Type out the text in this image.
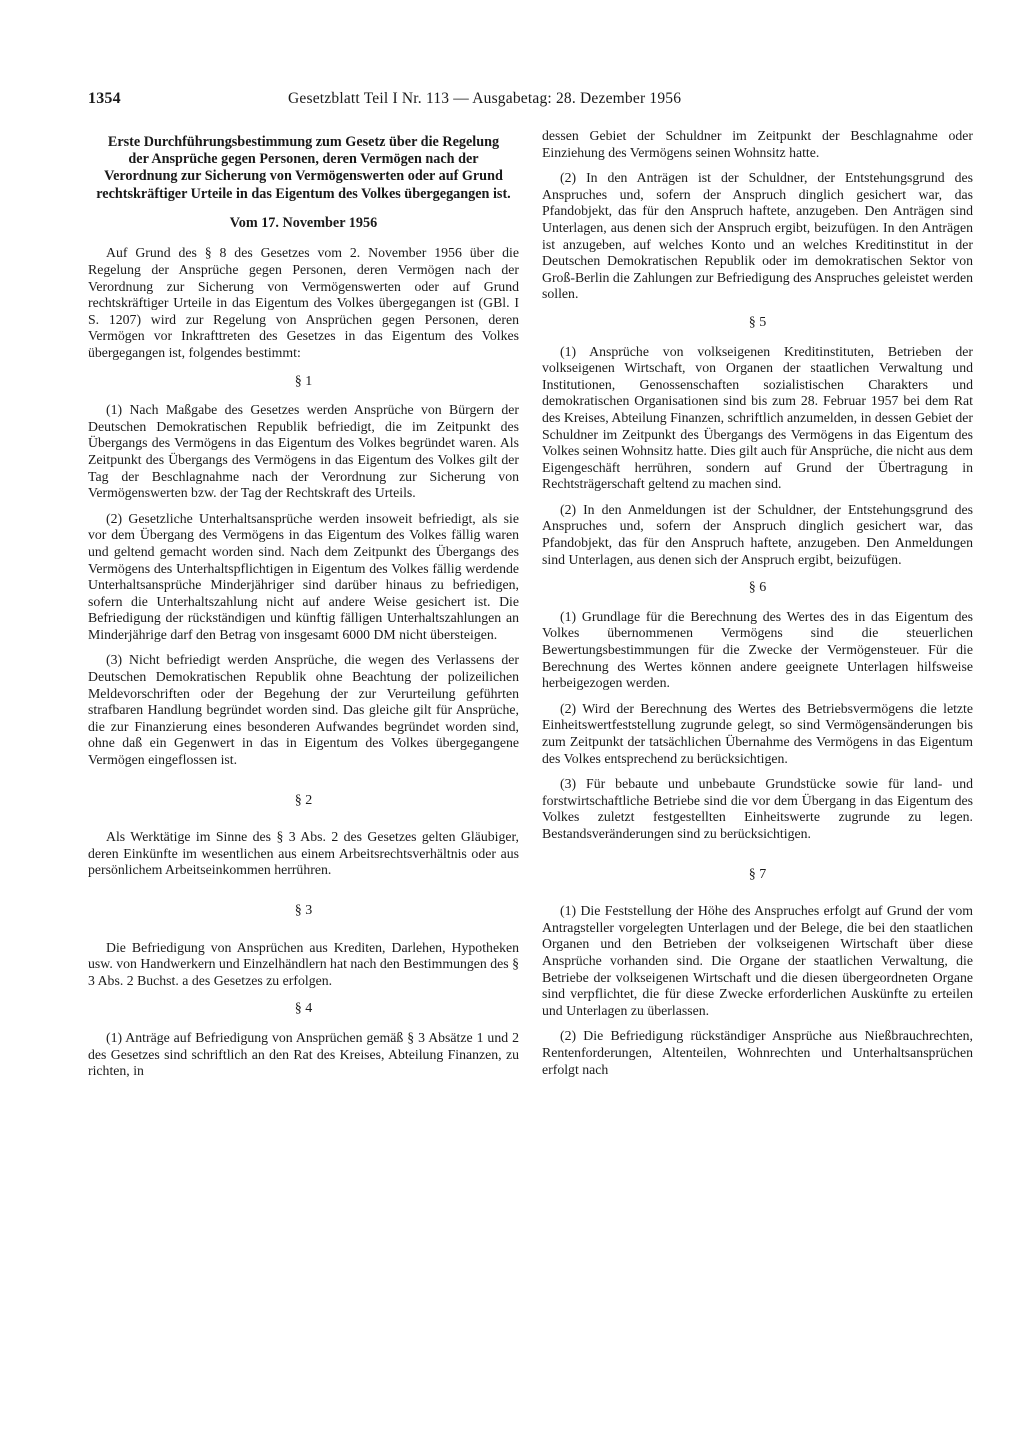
1354	Gesetzblatt Teil I Nr. 113 — Ausgabetag: 28. Dezember 1956
Erste Durchführungsbestimmung zum Gesetz über die Regelung der Ansprüche gegen Personen, deren Vermögen nach der Verordnung zur Sicherung von Vermögenswerten oder auf Grund rechtskräftiger Urteile in das Eigentum des Volkes übergegangen ist.
Vom 17. November 1956

Auf Grund des § 8 des Gesetzes vom 2. November 1956 über die Regelung der Ansprüche gegen Personen, deren Vermögen nach der Verordnung zur Sicherung von Vermögenswerten oder auf Grund rechtskräftiger Urteile in das Eigentum des Volkes übergegangen ist (GBl. I S. 1207) wird zur Regelung von Ansprüchen gegen Personen, deren Vermögen vor Inkrafttreten des Gesetzes in das Eigentum des Volkes übergegangen ist, folgendes bestimmt:

§ 1

(1) Nach Maßgabe des Gesetzes werden Ansprüche von Bürgern der Deutschen Demokratischen Republik befriedigt, die im Zeitpunkt des Übergangs des Vermögens in das Eigentum des Volkes begründet waren. Als Zeitpunkt des Übergangs des Vermögens in das Eigentum des Volkes gilt der Tag der Beschlagnahme nach der Verordnung zur Sicherung von Vermögenswerten bzw. der Tag der Rechtskraft des Urteils.

(2) Gesetzliche Unterhaltsansprüche werden insoweit befriedigt, als sie vor dem Übergang des Vermögens in das Eigentum des Volkes fällig waren und geltend gemacht worden sind. Nach dem Zeitpunkt des Übergangs des Vermögens des Unterhaltspflichtigen in Eigentum des Volkes fällig werdende Unterhaltsansprüche Minderjähriger sind darüber hinaus zu befriedigen, sofern die Unterhaltszahlung nicht auf andere Weise gesichert ist. Die Befriedigung der rückständigen und künftig fälligen Unterhaltszahlungen an Minderjährige darf den Betrag von insgesamt 6000 DM nicht übersteigen.

(3) Nicht befriedigt werden Ansprüche, die wegen des Verlassens der Deutschen Demokratischen Republik ohne Beachtung der polizeilichen Meldevorschriften oder der Begehung der zur Verurteilung geführten strafbaren Handlung begründet worden sind. Das gleiche gilt für Ansprüche, die zur Finanzierung eines besonderen Aufwandes begründet worden sind, ohne daß ein Gegenwert in das in Eigentum des Volkes übergegangene Vermögen eingeflossen ist.

§ 2

Als Werktätige im Sinne des § 3 Abs. 2 des Gesetzes gelten Gläubiger, deren Einkünfte im wesentlichen aus einem Arbeitsrechtsverhältnis oder aus persönlichem Arbeitseinkommen herrühren.

§ 3

Die Befriedigung von Ansprüchen aus Krediten, Darlehen, Hypotheken usw. von Handwerkern und Einzelhändlern hat nach den Bestimmungen des § 3 Abs. 2 Buchst. a des Gesetzes zu erfolgen.

§ 4

(1) Anträge auf Befriedigung von Ansprüchen gemäß § 3 Absätze 1 und 2 des Gesetzes sind schriftlich an den Rat des Kreises, Abteilung Finanzen, zu richten, in

dessen Gebiet der Schuldner im Zeitpunkt der Beschlagnahme oder Einziehung des Vermögens seinen Wohnsitz hatte.

(2) In den Anträgen ist der Schuldner, der Entstehungsgrund des Anspruches und, sofern der Anspruch dinglich gesichert war, das Pfandobjekt, das für den Anspruch haftete, anzugeben. Den Anträgen sind Unterlagen, aus denen sich der Anspruch ergibt, beizufügen. In den Anträgen ist anzugeben, auf welches Konto und an welches Kreditinstitut in der Deutschen Demokratischen Republik oder im demokratischen Sektor von Groß-Berlin die Zahlungen zur Befriedigung des Anspruches geleistet werden sollen.

§ 5

(1) Ansprüche von volkseigenen Kreditinstituten, Betrieben der volkseigenen Wirtschaft, von Organen der staatlichen Verwaltung und Institutionen, Genossenschaften sozialistischen Charakters und demokratischen Organisationen sind bis zum 28. Februar 1957 bei dem Rat des Kreises, Abteilung Finanzen, schriftlich anzumelden, in dessen Gebiet der Schuldner im Zeitpunkt des Übergangs des Vermögens in das Eigentum des Volkes seinen Wohnsitz hatte. Dies gilt auch für Ansprüche, die nicht aus dem Eigengeschäft herrühren, sondern auf Grund der Übertragung in Rechtsträgerschaft geltend zu machen sind.

(2) In den Anmeldungen ist der Schuldner, der Entstehungsgrund des Anspruches und, sofern der Anspruch dinglich gesichert war, das Pfandobjekt, das für den Anspruch haftete, anzugeben. Den Anmeldungen sind Unterlagen, aus denen sich der Anspruch ergibt, beizufügen.

§ 6

(1) Grundlage für die Berechnung des Wertes des in das Eigentum des Volkes übernommenen Vermögens sind die steuerlichen Bewertungsbestimmungen für die Zwecke der Vermögensteuer. Für die Berechnung des Wertes können andere geeignete Unterlagen hilfsweise herbeigezogen werden.

(2) Wird der Berechnung des Wertes des Betriebsvermögens die letzte Einheitswertfeststellung zugrunde gelegt, so sind Vermögensänderungen bis zum Zeitpunkt der tatsächlichen Übernahme des Vermögens in das Eigentum des Volkes entsprechend zu berücksichtigen.

(3) Für bebaute und unbebaute Grundstücke sowie für land- und forstwirtschaftliche Betriebe sind die vor dem Übergang in das Eigentum des Volkes zuletzt festgestellten Einheitswerte zugrunde zu legen. Bestandsveränderungen sind zu berücksichtigen.

§ 7

(1) Die Feststellung der Höhe des Anspruches erfolgt auf Grund der vom Antragsteller vorgelegten Unterlagen und der Belege, die bei den staatlichen Organen und den Betrieben der volkseigenen Wirtschaft über diese Ansprüche vorhanden sind. Die Organe der staatlichen Verwaltung, die Betriebe der volkseigenen Wirtschaft und die diesen übergeordneten Organe sind verpflichtet, die für diese Zwecke erforderlichen Auskünfte zu erteilen und Unterlagen zu überlassen.

(2) Die Befriedigung rückständiger Ansprüche aus Nießbrauchrechten, Rentenforderungen, Altenteilen, Wohnrechten und Unterhaltsansprüchen erfolgt nach
